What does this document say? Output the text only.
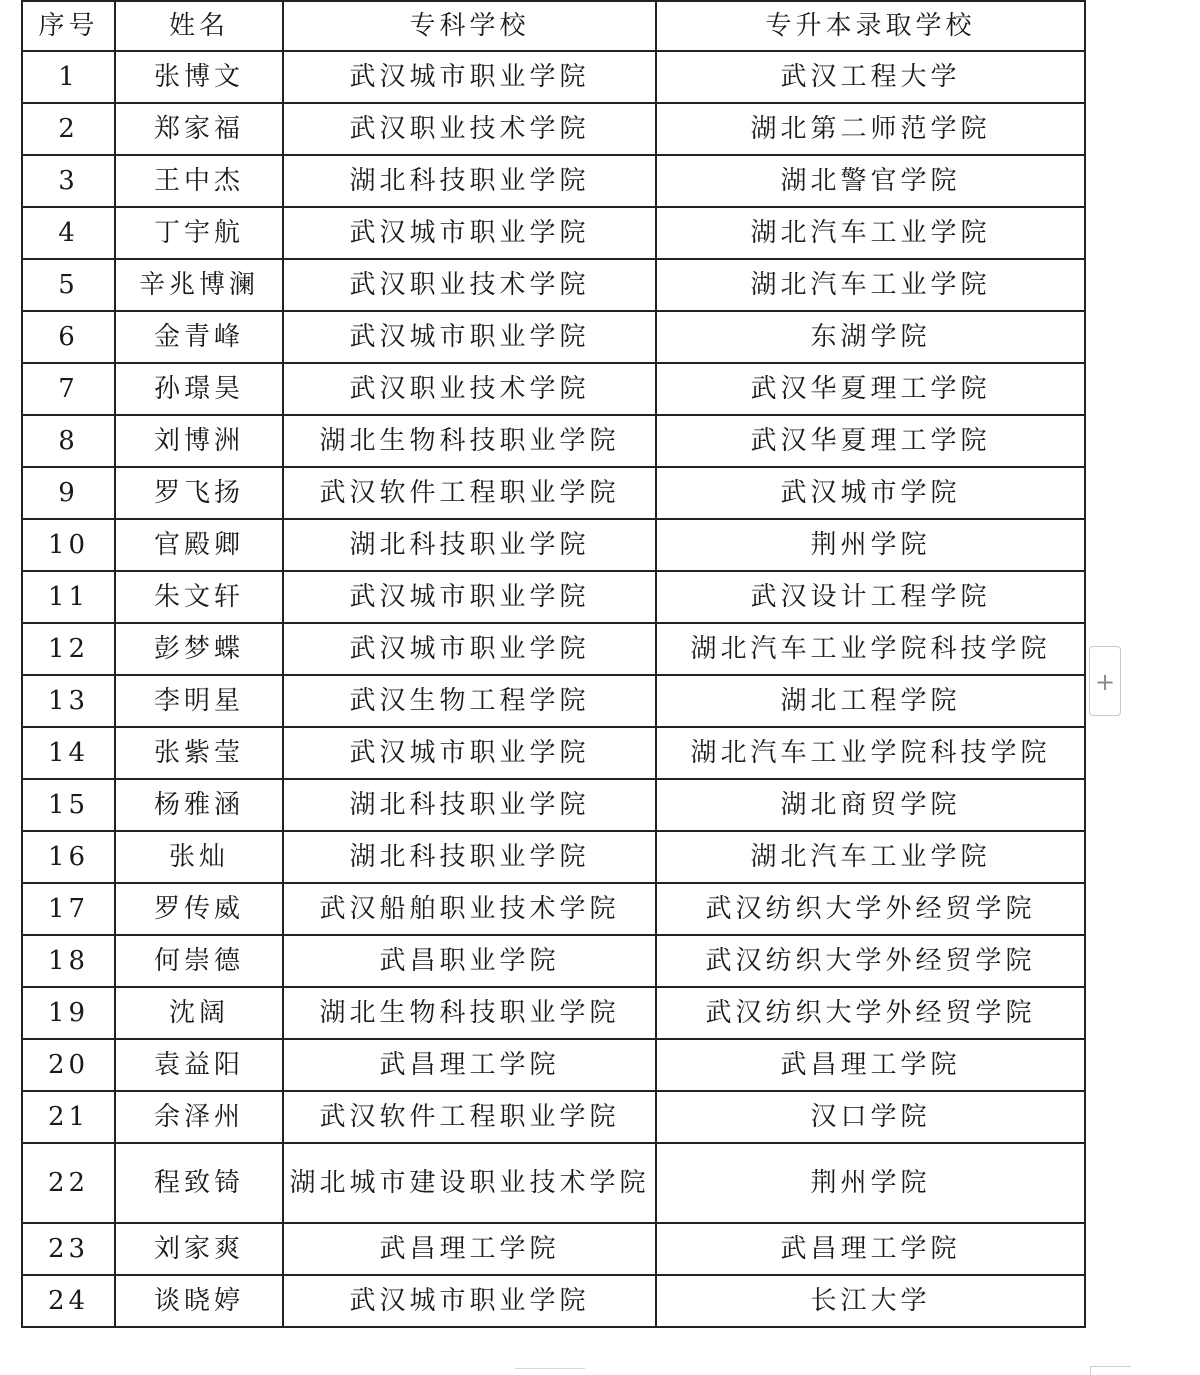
序号	姓名	专科学校	专升本录取学校
1	张博文	武汉城市职业学院	武汉工程大学
2	郑家福	武汉职业技术学院	湖北第二师范学院
3	王中杰	湖北科技职业学院	湖北警官学院
4	丁宇航	武汉城市职业学院	湖北汽车工业学院
5	辛兆博澜	武汉职业技术学院	湖北汽车工业学院
6	金青峰	武汉城市职业学院	东湖学院
7	孙璟昊	武汉职业技术学院	武汉华夏理工学院
8	刘博洲	湖北生物科技职业学院	武汉华夏理工学院
9	罗飞扬	武汉软件工程职业学院	武汉城市学院
10	官殿卿	湖北科技职业学院	荆州学院
11	朱文轩	武汉城市职业学院	武汉设计工程学院
12	彭梦蝶	武汉城市职业学院	湖北汽车工业学院科技学院
13	李明星	武汉生物工程学院	湖北工程学院
14	张紫莹	武汉城市职业学院	湖北汽车工业学院科技学院
15	杨雅涵	湖北科技职业学院	湖北商贸学院
16	张灿	湖北科技职业学院	湖北汽车工业学院
17	罗传威	武汉船舶职业技术学院	武汉纺织大学外经贸学院
18	何崇德	武昌职业学院	武汉纺织大学外经贸学院
19	沈阔	湖北生物科技职业学院	武汉纺织大学外经贸学院
20	袁益阳	武昌理工学院	武昌理工学院
21	余泽州	武汉软件工程职业学院	汉口学院
22	程致锜	湖北城市建设职业技术学院	荆州学院
23	刘家爽	武昌理工学院	武昌理工学院
24	谈晓婷	武汉城市职业学院	长江大学
+
